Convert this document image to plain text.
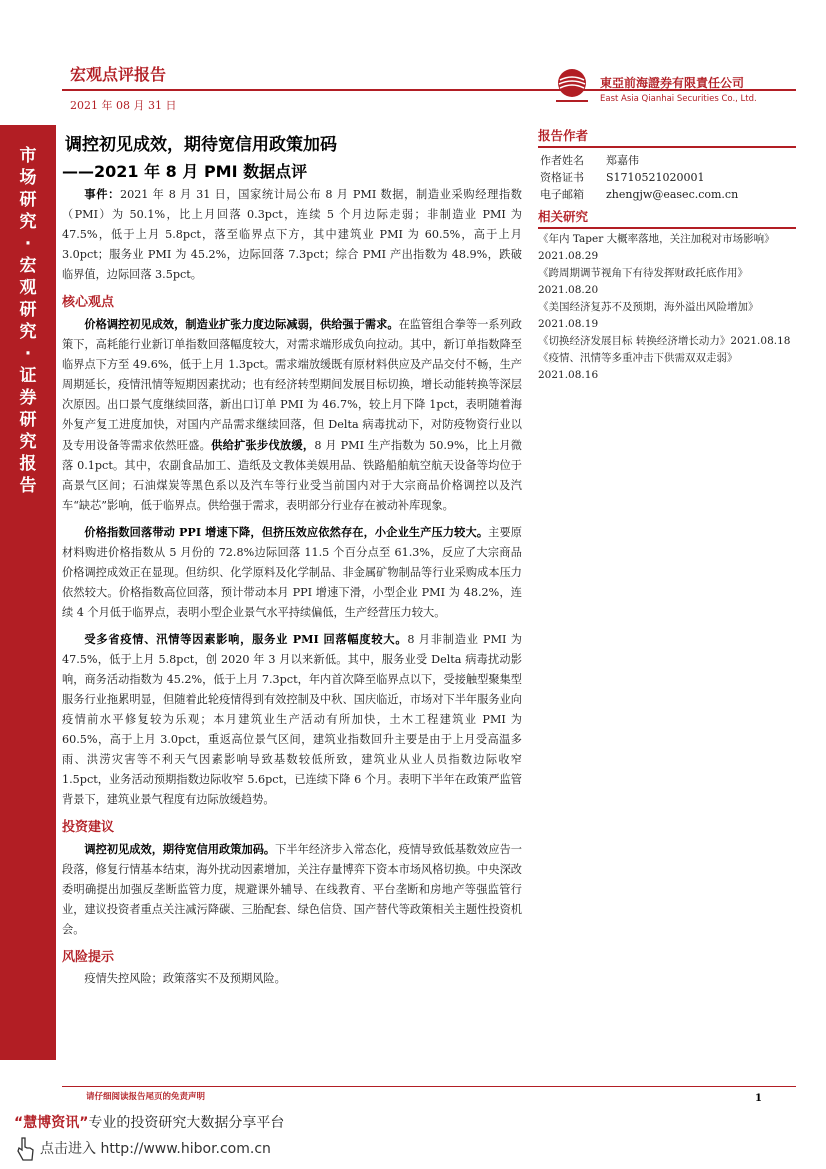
宏观点评报告
2021 年 08 月 31 日
東亞前海證券有限責任公司
East Asia Qianhai Securities Co., Ltd.
市
场
研
究
·
宏
观
研
究
·
证
券
研
究
报
告
调控初见成效，期待宽信用政策加码
——2021 年 8 月 PMI 数据点评

事件：2021 年 8 月 31 日，国家统计局公布 8 月 PMI 数据，制造业采购经理指数（PMI）为 50.1%，比上月回落 0.3pct，连续 5 个月边际走弱；非制造业 PMI 为 47.5%，低于上月 5.8pct，落至临界点下方，其中建筑业 PMI 为 60.5%，高于上月 3.0pct；服务业 PMI 为 45.2%，边际回落 7.3pct；综合 PMI 产出指数为 48.9%，跌破临界值，边际回落 3.5pct。

核心观点

价格调控初见成效，制造业扩张力度边际减弱，供给强于需求。在监管组合拳等一系列政策下，高耗能行业新订单指数回落幅度较大，对需求端形成负向拉动。其中，新订单指数降至临界点下方至 49.6%，低于上月 1.3pct。需求端放缓既有原材料供应及产品交付不畅，生产周期延长，疫情汛情等短期因素扰动；也有经济转型期间发展目标切换，增长动能转换等深层次原因。出口景气度继续回落，新出口订单 PMI 为 46.7%，较上月下降 1pct，表明随着海外复产复工进度加快，对国内产品需求继续回落，但 Delta 病毒扰动下，对防疫物资行业以及专用设备等需求依然旺盛。供给扩张步伐放缓，8 月 PMI 生产指数为 50.9%，比上月微落 0.1pct。其中，农副食品加工、造纸及文教体美娱用品、铁路船舶航空航天设备等均位于高景气区间；石油煤炭等黑色系以及汽车等行业受当前国内对于大宗商品价格调控以及汽车“缺芯”影响，低于临界点。供给强于需求，表明部分行业存在被动补库现象。

价格指数回落带动 PPI 增速下降，但挤压效应依然存在，小企业生产压力较大。主要原材料购进价格指数从 5 月份的 72.8%边际回落 11.5 个百分点至 61.3%，反应了大宗商品价格调控成效正在显现。但纺织、化学原料及化学制品、非金属矿物制品等行业采购成本压力依然较大。价格指数高位回落，预计带动本月 PPI 增速下滑，小型企业 PMI 为 48.2%，连续 4 个月低于临界点，表明小型企业景气水平持续偏低，生产经营压力较大。

受多省疫情、汛情等因素影响，服务业 PMI 回落幅度较大。8 月非制造业 PMI 为 47.5%，低于上月 5.8pct，创 2020 年 3 月以来新低。其中，服务业受 Delta 病毒扰动影响，商务活动指数为 45.2%，低于上月 7.3pct，年内首次降至临界点以下，受接触型聚集型服务行业拖累明显，但随着此轮疫情得到有效控制及中秋、国庆临近，市场对下半年服务业向疫情前水平修复较为乐观；本月建筑业生产活动有所加快，土木工程建筑业 PMI 为 60.5%，高于上月 3.0pct，重返高位景气区间，建筑业指数回升主要是由于上月受高温多雨、洪涝灾害等不利天气因素影响导致基数较低所致，建筑业从业人员指数边际收窄 1.5pct，业务活动预期指数边际收窄 5.6pct，已连续下降 6 个月。表明下半年在政策严监管背景下，建筑业景气程度有边际放缓趋势。

投资建议

调控初见成效，期待宽信用政策加码。下半年经济步入常态化，疫情导致低基数效应告一段落，修复行情基本结束，海外扰动因素增加，关注存量博弈下资本市场风格切换。中央深改委明确提出加强反垄断监管力度，规避课外辅导、在线教育、平台垄断和房地产等强监管行业，建议投资者重点关注减污降碳、三胎配套、绿色信贷、国产替代等政策相关主题性投资机会。

风险提示

疫情失控风险；政策落实不及预期风险。

报告作者
作者姓名	郑嘉伟
资格证书	S1710521020001
电子邮箱	zhengjw@easec.com.cn
相关研究
《年内 Taper 大概率落地，关注加税对市场影响》2021.08.29
《跨周期调节视角下有待发挥财政托底作用》2021.08.20
《美国经济复苏不及预期，海外溢出风险增加》2021.08.19
《切换经济发展目标 转换经济增长动力》2021.08.18
《疫情、汛情等多重冲击下供需双双走弱》2021.08.16
请仔细阅读报告尾页的免责声明	1
“慧博资讯”专业的投资研究大数据分享平台
点击进入 http://www.hibor.com.cn
